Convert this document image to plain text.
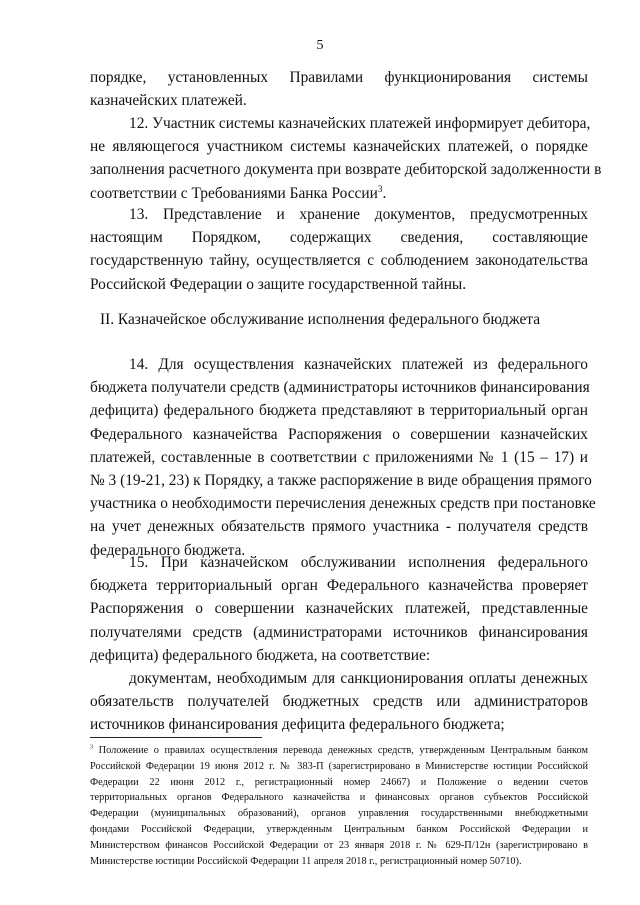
5
порядке, установленных Правилами функционирования системы
казначейских платежей.
12. Участник системы казначейских платежей информирует дебитора,
не являющегося участником системы казначейских платежей, о порядке
заполнения расчетного документа при возврате дебиторской задолженности в
соответствии с Требованиями Банка России$^3$.
13. Представление и хранение документов, предусмотренных
настоящим Порядком, содержащих сведения, составляющие
государственную тайну, осуществляется с соблюдением законодательства
Российской Федерации о защите государственной тайны.
II. Казначейское обслуживание исполнения федерального бюджета
14. Для осуществления казначейских платежей из федерального
бюджета получатели средств (администраторы источников финансирования
дефицита) федерального бюджета представляют в территориальный орган
Федерального казначейства Распоряжения о совершении казначейских
платежей, составленные в соответствии с приложениями № 1 (15 – 17) и
№ 3 (19-21, 23) к Порядку, а также распоряжение в виде обращения прямого
участника о необходимости перечисления денежных средств при постановке
на учет денежных обязательств прямого участника - получателя средств
федерального бюджета.
15. При казначейском обслуживании исполнения федерального
бюджета территориальный орган Федерального казначейства проверяет
Распоряжения о совершении казначейских платежей, представленные
получателями средств (администраторами источников финансирования
дефицита) федерального бюджета, на соответствие:
документам, необходимым для санкционирования оплаты денежных
обязательств получателей бюджетных средств или администраторов
источников финансирования дефицита федерального бюджета;
$^3$ Положение о правилах осуществления перевода денежных средств, утвержденным Центральным банком
Российской Федерации 19 июня 2012 г. № 383-П (зарегистрировано в Министерстве юстиции Российской
Федерации 22 июня 2012 г., регистрационный номер 24667) и Положение о ведении счетов
территориальных органов Федерального казначейства и финансовых органов субъектов Российской
Федерации (муниципальных образований), органов управления государственными внебюджетными
фондами Российской Федерации, утвержденным Центральным банком Российской Федерации и
Министерством финансов Российской Федерации от 23 января 2018 г. № 629-П/12н (зарегистрировано в
Министерстве юстиции Российской Федерации 11 апреля 2018 г., регистрационный номер 50710).
